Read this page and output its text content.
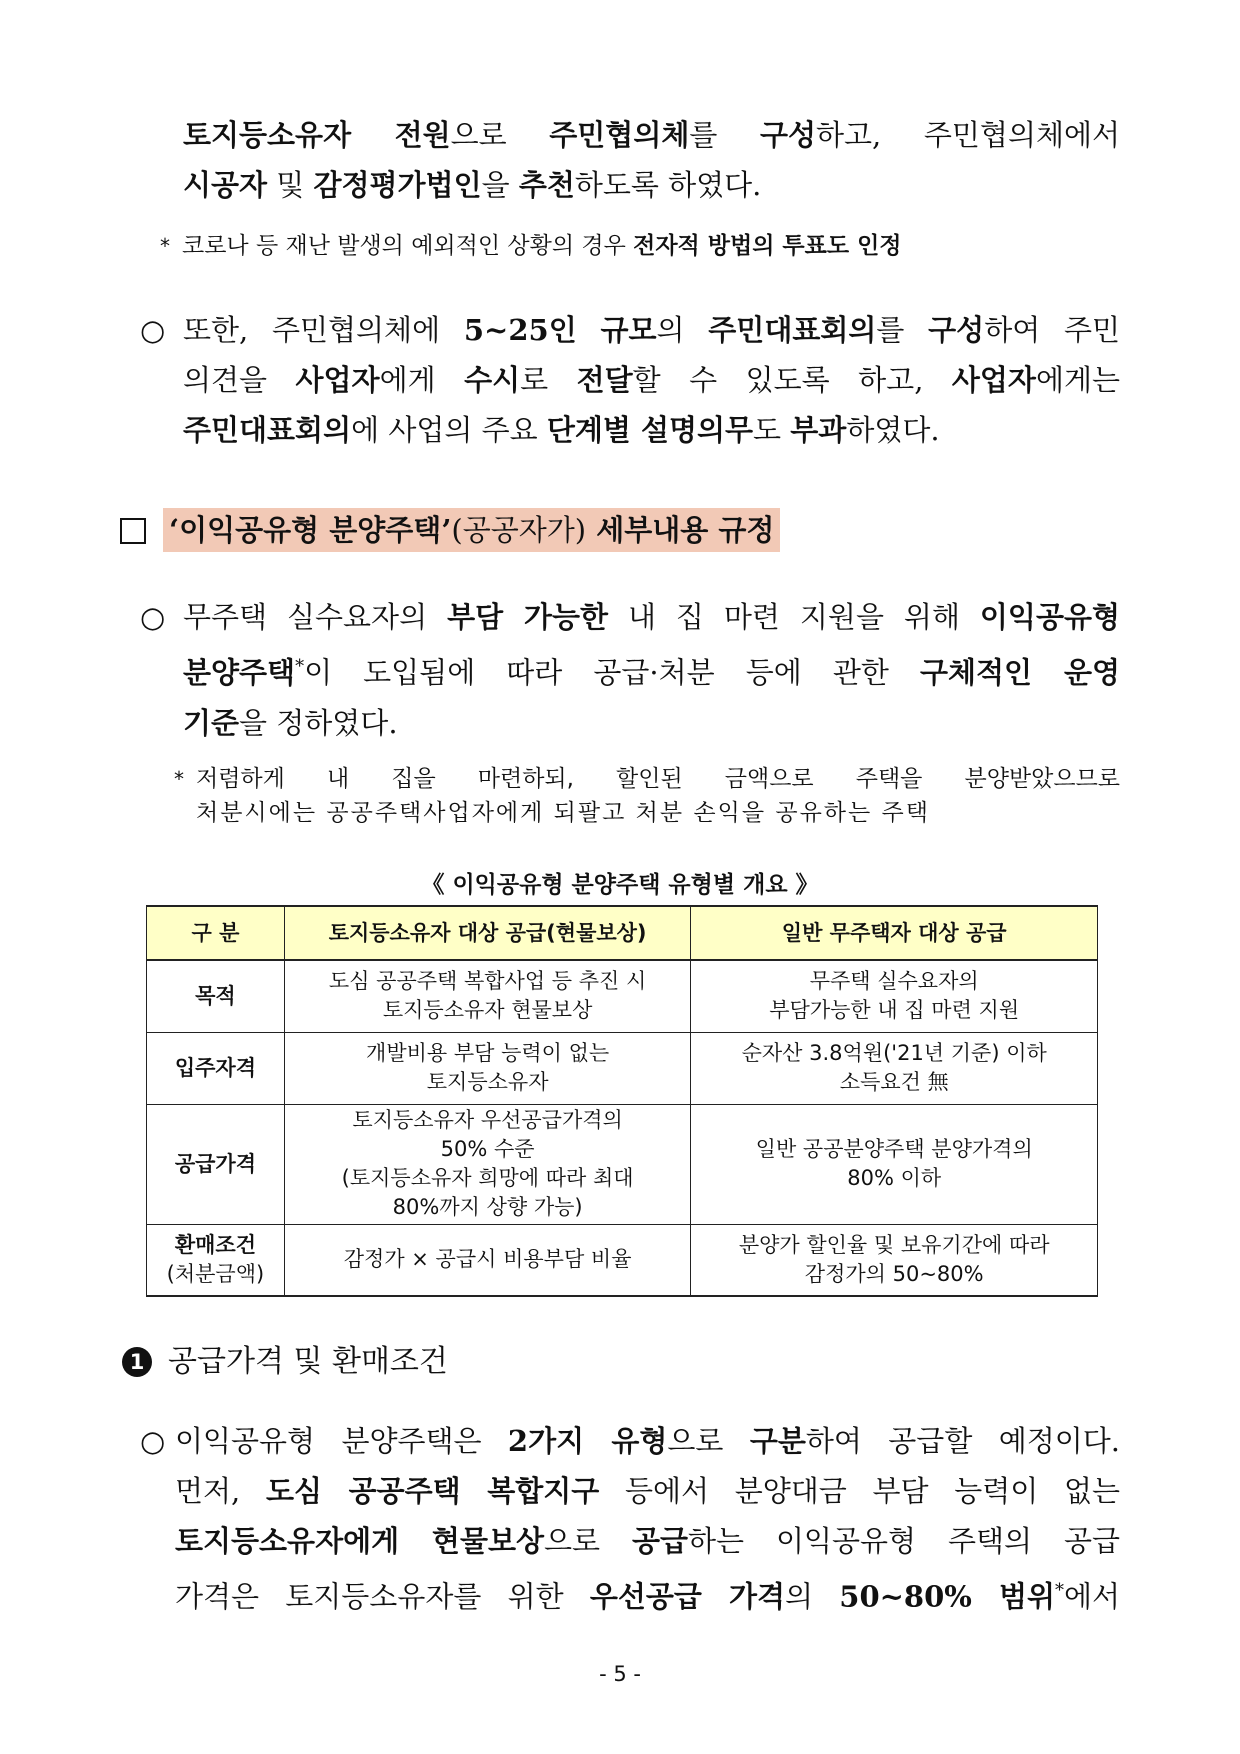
토지등소유자 전원으로 주민협의체를 구성하고, 주민협의체에서
시공자 및 감정평가법인을 추천하도록 하였다.
* 코로나 등 재난 발생의 예외적인 상황의 경우 전자적 방법의 투표도 인정
○ 또한, 주민협의체에 5~25인 규모의 주민대표회의를 구성하여 주민
의견을 사업자에게 수시로 전달할 수 있도록 하고, 사업자에게는
주민대표회의에 사업의 주요 단계별 설명의무도 부과하였다.
‘이익공유형 분양주택’(공공자가) 세부내용 규정
○ 무주택 실수요자의 부담 가능한 내 집 마련 지원을 위해 이익공유형
분양주택*이 도입됨에 따라 공급·처분 등에 관한 구체적인 운영
기준을 정하였다.
* 저렴하게 내 집을 마련하되, 할인된 금액으로 주택을 분양받았으므로
처분시에는 공공주택사업자에게 되팔고 처분 손익을 공유하는 주택
《 이익공유형 분양주택 유형별 개요 》
구 분	토지등소유자 대상 공급(현물보상)	일반 무주택자 대상 공급
목적	도심 공공주택 복합사업 등 추진 시
토지등소유자 현물보상	무주택 실수요자의
부담가능한 내 집 마련 지원

입주자격	개발비용 부담 능력이 없는
토지등소유자	순자산 3.8억원('21년 기준) 이하
소득요건 無

공급가격	토지등소유자 우선공급가격의
50% 수준
(토지등소유자 희망에 따라 최대
80%까지 상향 가능)	일반 공공분양주택 분양가격의
80% 이하

환매조건
(처분금액)	감정가 × 공급시 비용부담 비율	분양가 할인율 및 보유기간에 따라
감정가의 50~80%
1 공급가격 및 환매조건
○ 이익공유형 분양주택은 2가지 유형으로 구분하여 공급할 예정이다.
먼저, 도심 공공주택 복합지구 등에서 분양대금 부담 능력이 없는
토지등소유자에게 현물보상으로 공급하는 이익공유형 주택의 공급
가격은 토지등소유자를 위한 우선공급 가격의 50~80% 범위*에서
- 5 -
